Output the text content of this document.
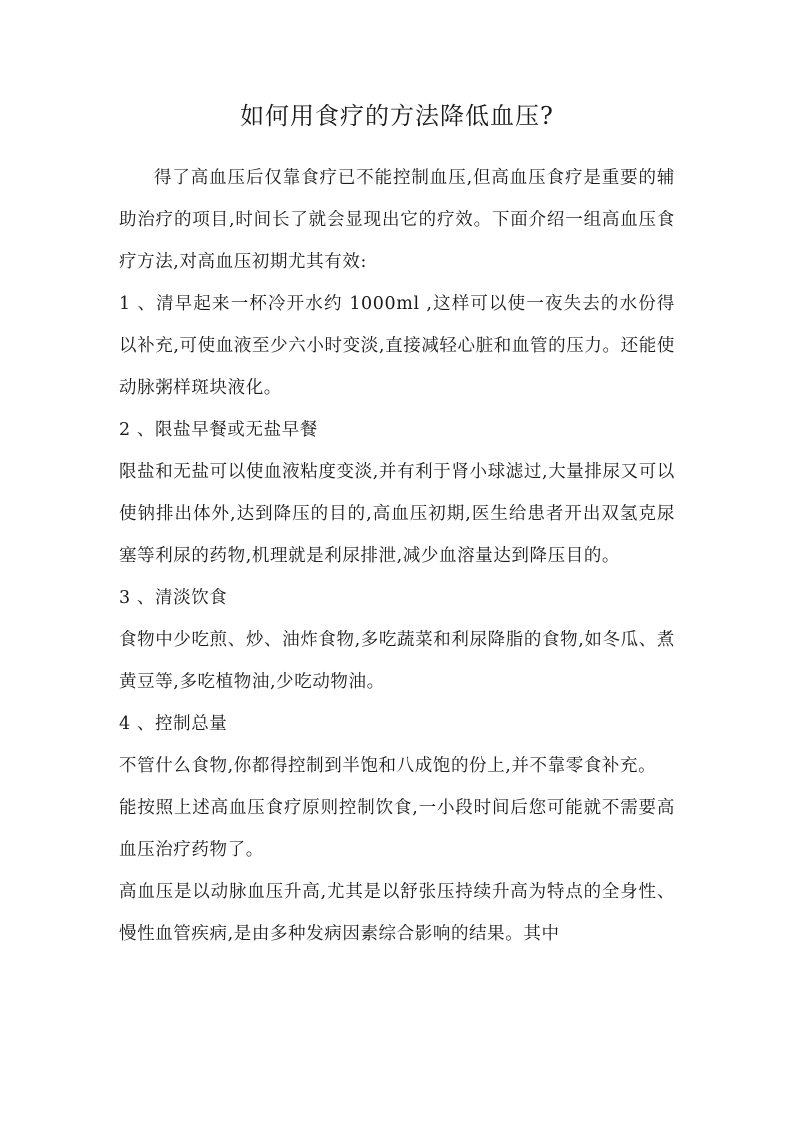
如何用食疗的方法降低血压?

得了高血压后仅靠食疗已不能控制血压,但高血压食疗是重要的辅助治疗的项目,时间长了就会显现出它的疗效。下面介绍一组高血压食疗方法,对高血压初期尤其有效:

1 、清早起来一杯冷开水约 1000ml ,这样可以使一夜失去的水份得以补充,可使血液至少六小时变淡,直接减轻心脏和血管的压力。还能使动脉粥样斑块液化。

2 、限盐早餐或无盐早餐

限盐和无盐可以使血液粘度变淡,并有利于肾小球滤过,大量排尿又可以使钠排出体外,达到降压的目的,高血压初期,医生给患者开出双氢克尿塞等利尿的药物,机理就是利尿排泄,减少血溶量达到降压目的。

3 、清淡饮食

食物中少吃煎、炒、油炸食物,多吃蔬菜和利尿降脂的食物,如冬瓜、煮黄豆等,多吃植物油,少吃动物油。

4 、控制总量

不管什么食物,你都得控制到半饱和八成饱的份上,并不靠零食补充。

能按照上述高血压食疗原则控制饮食,一小段时间后您可能就不需要高血压治疗药物了。

高血压是以动脉血压升高,尤其是以舒张压持续升高为特点的全身性、慢性血管疾病,是由多种发病因素综合影响的结果。其中
